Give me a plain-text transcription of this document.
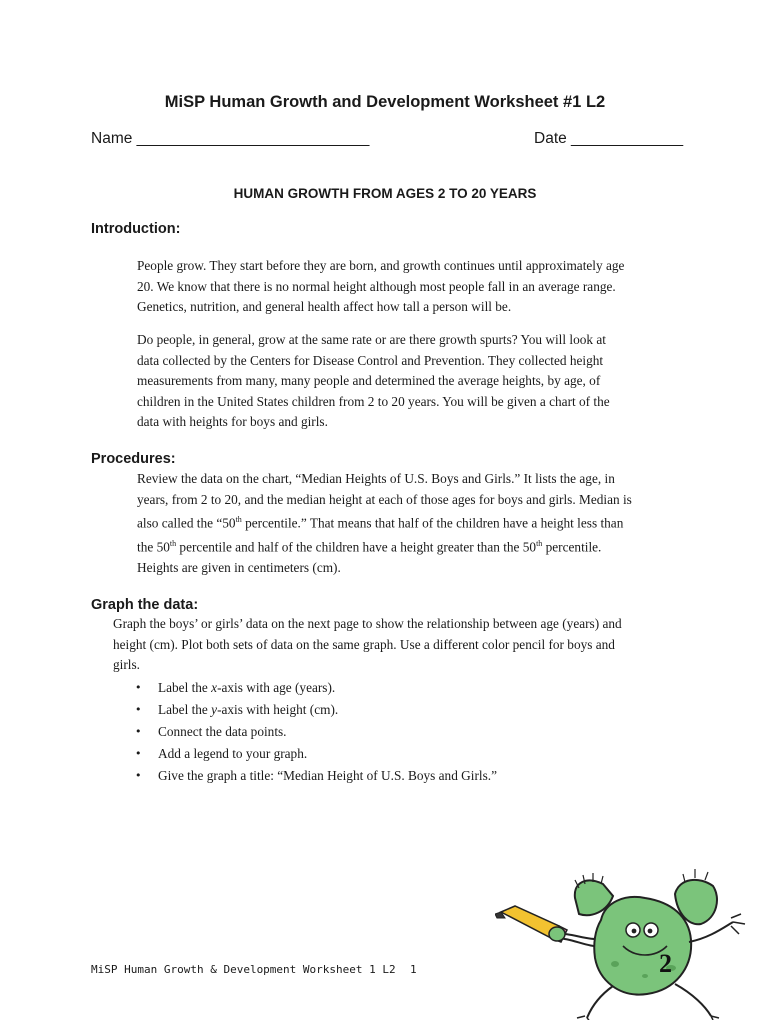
MiSP Human Growth and Development Worksheet #1 L2
Name ___________________________	Date _____________
HUMAN GROWTH FROM AGES 2 TO 20 YEARS
Introduction:
People grow. They start before they are born, and growth continues until approximately age
20. We know that there is no normal height although most people fall in an average range.
Genetics, nutrition, and general health affect how tall a person will be.
Do people, in general, grow at the same rate or are there growth spurts? You will look at
data collected by the Centers for Disease Control and Prevention. They collected height
measurements from many, many people and determined the average heights, by age, of
children in the United States children from 2 to 20 years. You will be given a chart of the
data with heights for boys and girls.
Procedures:
Review the data on the chart, “Median Heights of U.S. Boys and Girls.” It lists the age, in
years, from 2 to 20, and the median height at each of those ages for boys and girls. Median is
also called the “50th percentile.” That means that half of the children have a height less than
the 50th percentile and half of the children have a height greater than the 50th percentile.
Heights are given in centimeters (cm).
Graph the data:
Graph the boys’ or girls’ data on the next page to show the relationship between age (years) and
height (cm). Plot both sets of data on the same graph. Use a different color pencil for boys and
girls.
• Label the x-axis with age (years).
• Label the y-axis with height (cm).
• Connect the data points.
• Add a legend to your graph.
• Give the graph a title: “Median Height of U.S. Boys and Girls.”
MiSP Human Growth & Development Worksheet 1 L2 1	2
